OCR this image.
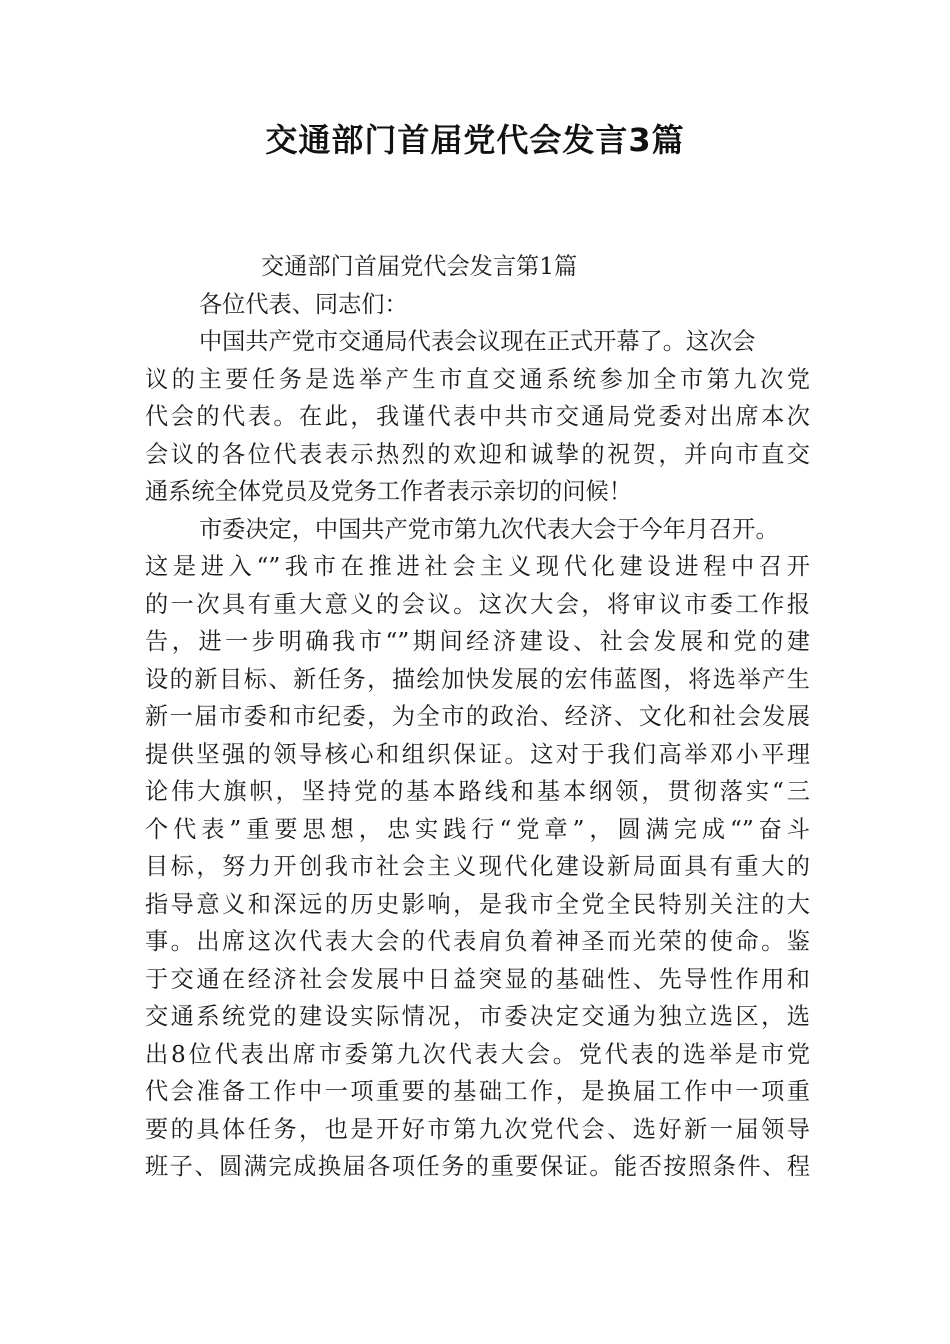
交通部门首届党代会发言3篇
交通部门首届党代会发言第1篇
各位代表、同志们：
中国共产党市交通局代表会议现在正式开幕了。这次会
议的主要任务是选举产生市直交通系统参加全市第九次党
代会的代表。在此，我谨代表中共市交通局党委对出席本次
会议的各位代表表示热烈的欢迎和诚挚的祝贺，并向市直交
通系统全体党员及党务工作者表示亲切的问候！
市委决定，中国共产党市第九次代表大会于今年月召开。
这是进入“”我市在推进社会主义现代化建设进程中召开
的一次具有重大意义的会议。这次大会，将审议市委工作报
告，进一步明确我市“”期间经济建设、社会发展和党的建
设的新目标、新任务，描绘加快发展的宏伟蓝图，将选举产生
新一届市委和市纪委，为全市的政治、经济、文化和社会发展
提供坚强的领导核心和组织保证。这对于我们高举邓小平理
论伟大旗帜，坚持党的基本路线和基本纲领，贯彻落实“三
个代表”重要思想，忠实践行“党章”，圆满完成“”奋斗
目标，努力开创我市社会主义现代化建设新局面具有重大的
指导意义和深远的历史影响，是我市全党全民特别关注的大
事。出席这次代表大会的代表肩负着神圣而光荣的使命。鉴
于交通在经济社会发展中日益突显的基础性、先导性作用和
交通系统党的建设实际情况，市委决定交通为独立选区，选
出8位代表出席市委第九次代表大会。党代表的选举是市党
代会准备工作中一项重要的基础工作，是换届工作中一项重
要的具体任务，也是开好市第九次党代会、选好新一届领导
班子、圆满完成换届各项任务的重要保证。能否按照条件、程
